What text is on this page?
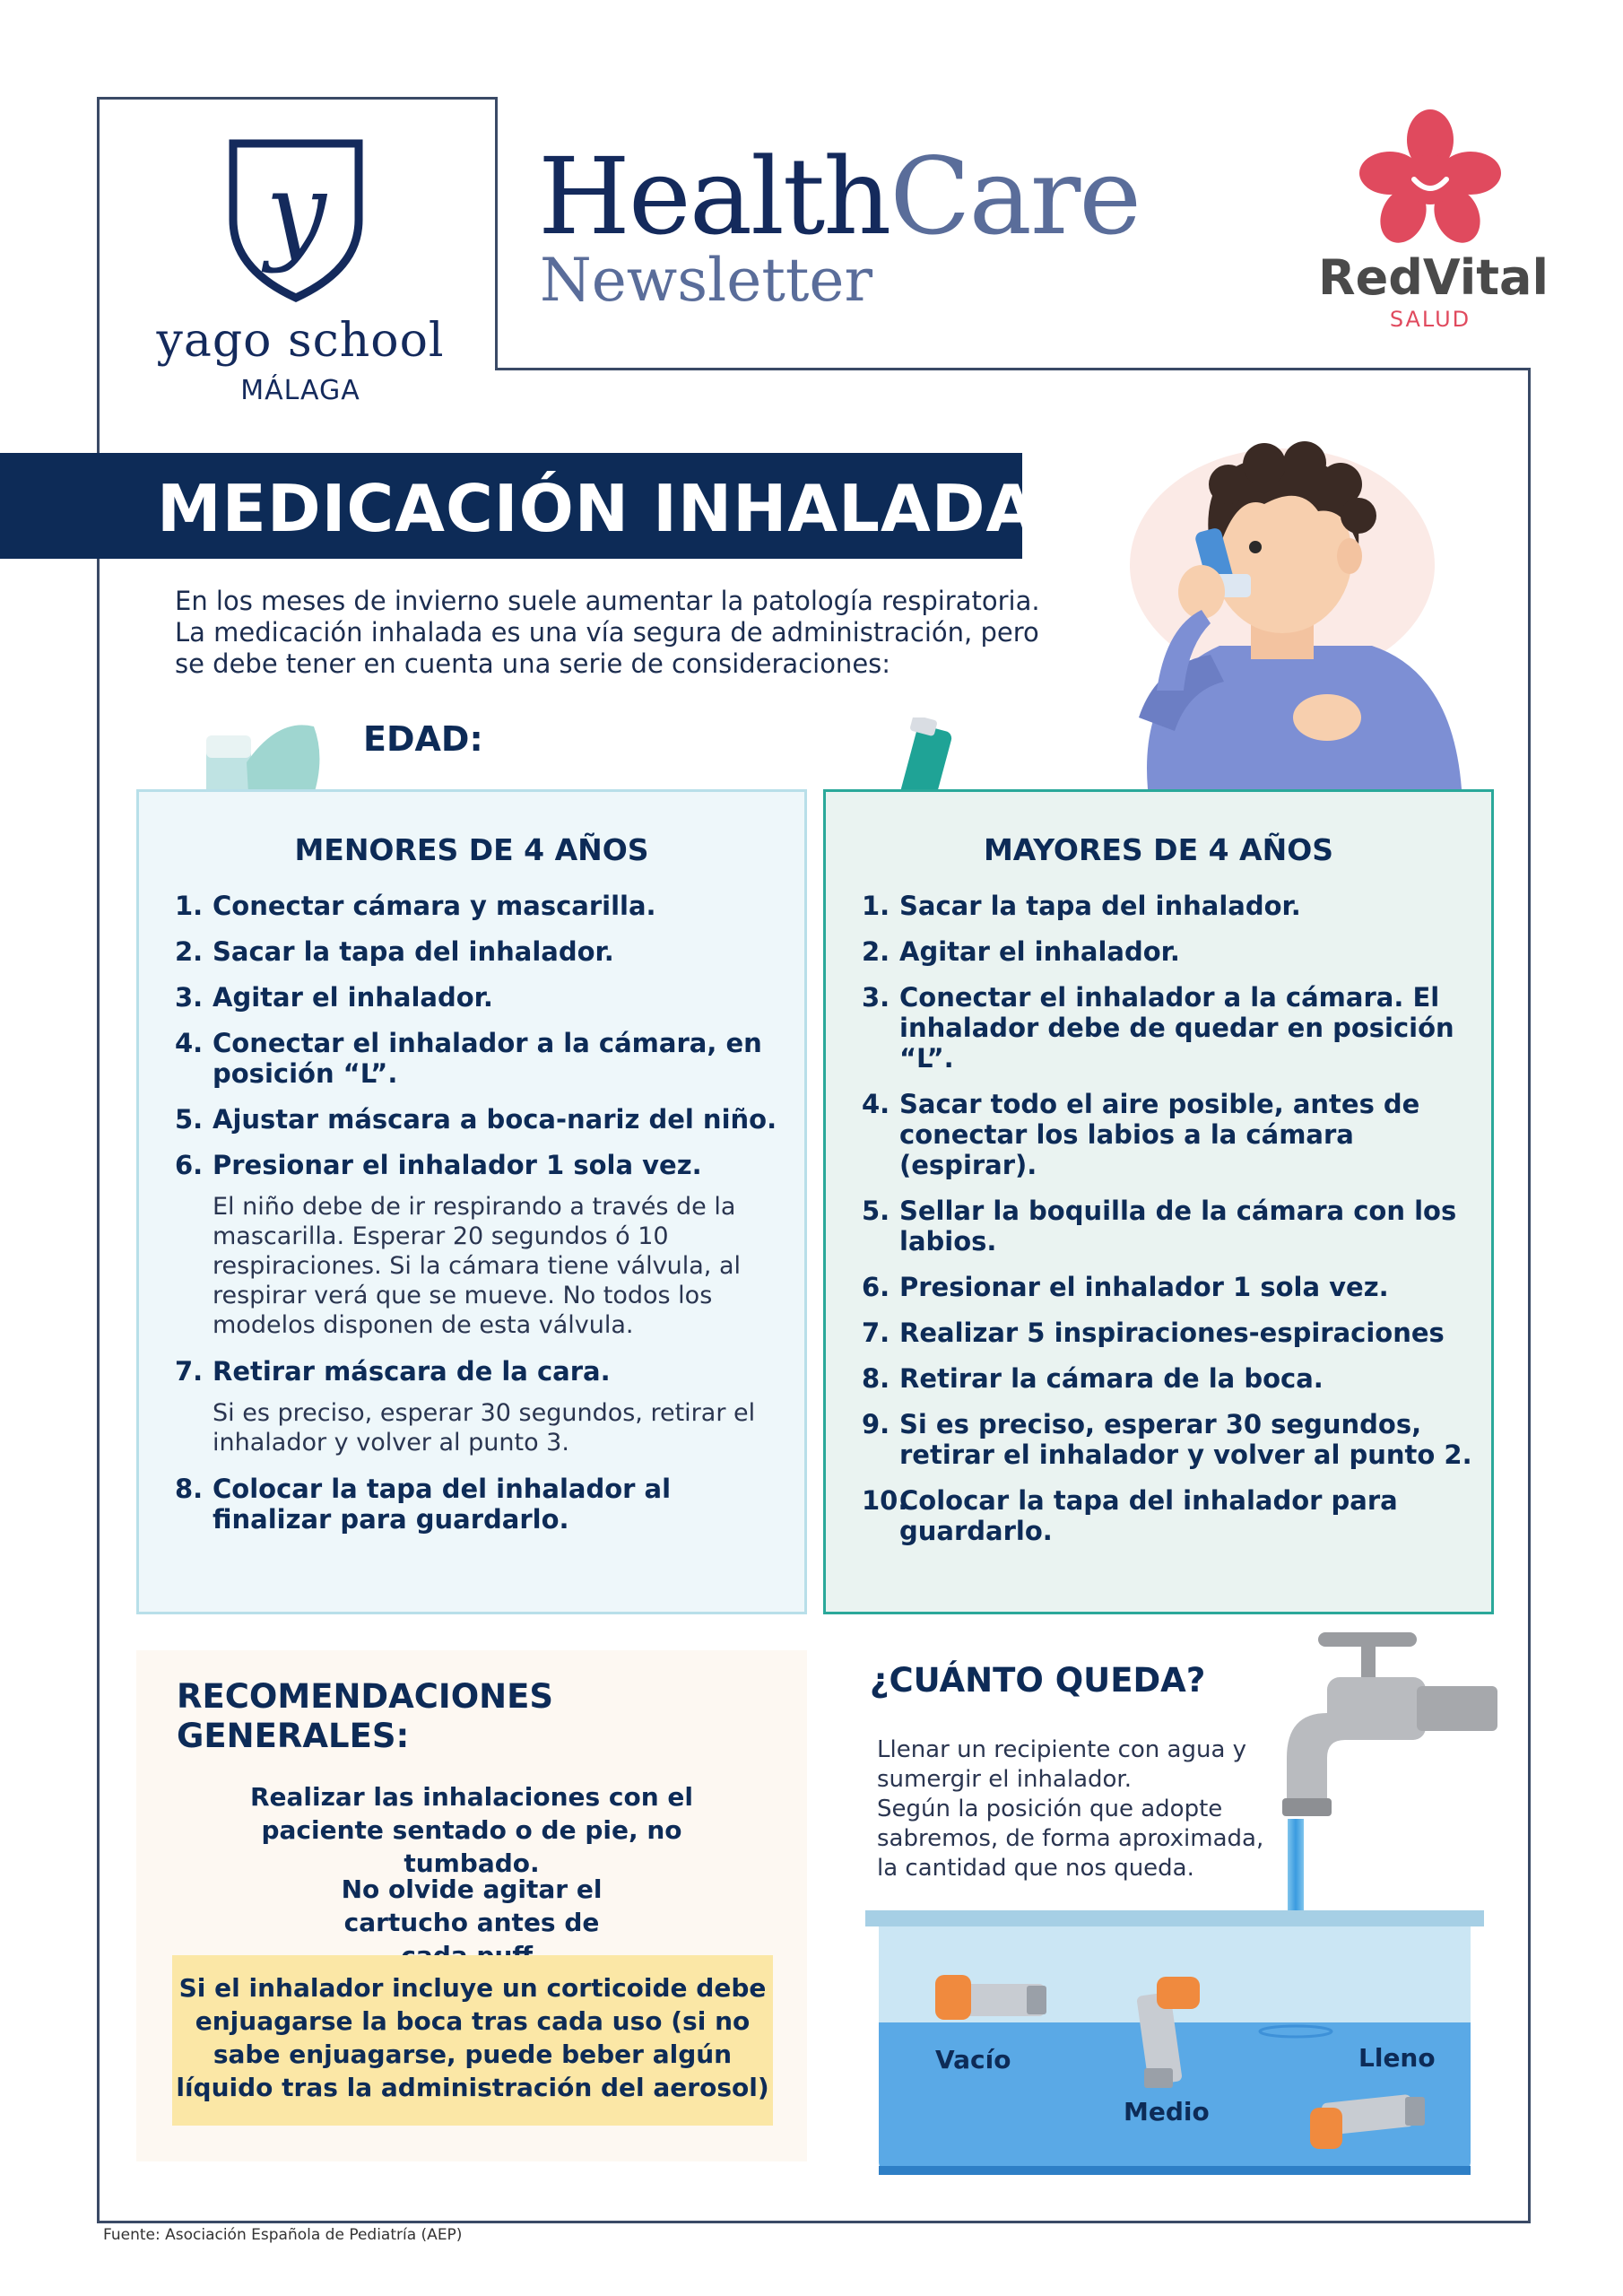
y
yago school
MÁLAGA
HealthCare
Newsletter	RedVital
SALUD
MEDICACIÓN INHALADA
En los meses de invierno suele aumentar la patología respiratoria.
La medicación inhalada es una vía segura de administración, pero
se debe tener en cuenta una serie de consideraciones:
EDAD:
MENORES DE 4 AÑOS
1. Conectar cámara y mascarilla.
2. Sacar la tapa del inhalador.
3. Agitar el inhalador.
4. Conectar el inhalador a la cámara, en posición “L”.
5. Ajustar máscara a boca-nariz del niño.
6. Presionar el inhalador 1 sola vez.
El niño debe de ir respirando a través de la mascarilla. Esperar 20 segundos ó 10 respiraciones. Si la cámara tiene válvula, al respirar verá que se mueve. No todos los modelos disponen de esta válvula.
7. Retirar máscara de la cara.
Si es preciso, esperar 30 segundos, retirar el inhalador y volver al punto 3.
8. Colocar la tapa del inhalador al finalizar para guardarlo.
MAYORES DE 4 AÑOS
1. Sacar la tapa del inhalador.
2. Agitar el inhalador.
3. Conectar el inhalador a la cámara. El inhalador debe de quedar en posición “L”.
4. Sacar todo el aire posible, antes de conectar los labios a la cámara (espirar).
5. Sellar la boquilla de la cámara con los labios.
6. Presionar el inhalador 1 sola vez.
7. Realizar 5 inspiraciones-espiraciones
8. Retirar la cámara de la boca.
9. Si es preciso, esperar 30 segundos, retirar el inhalador y volver al punto 2.
10.
Colocar la tapa del inhalador para guardarlo.
RECOMENDACIONES
GENERALES:
Realizar las inhalaciones con el paciente sentado o de pie, no tumbado.
No olvide agitar el cartucho antes de
Si el inhalador incluye un corticoide debe enjuagarse la boca tras cada uso (si no sabe enjuagarse, puede beber algún líquido tras la administración del aerosol)
¿CUÁNTO QUEDA?
Llenar un recipiente con agua y
sumergir el inhalador.
Según la posición que adopte
sabremos, de forma aproximada,
la cantidad que nos queda.
Vacío
Medio
Lleno
Fuente: Asociación Española de Pediatría (AEP)
